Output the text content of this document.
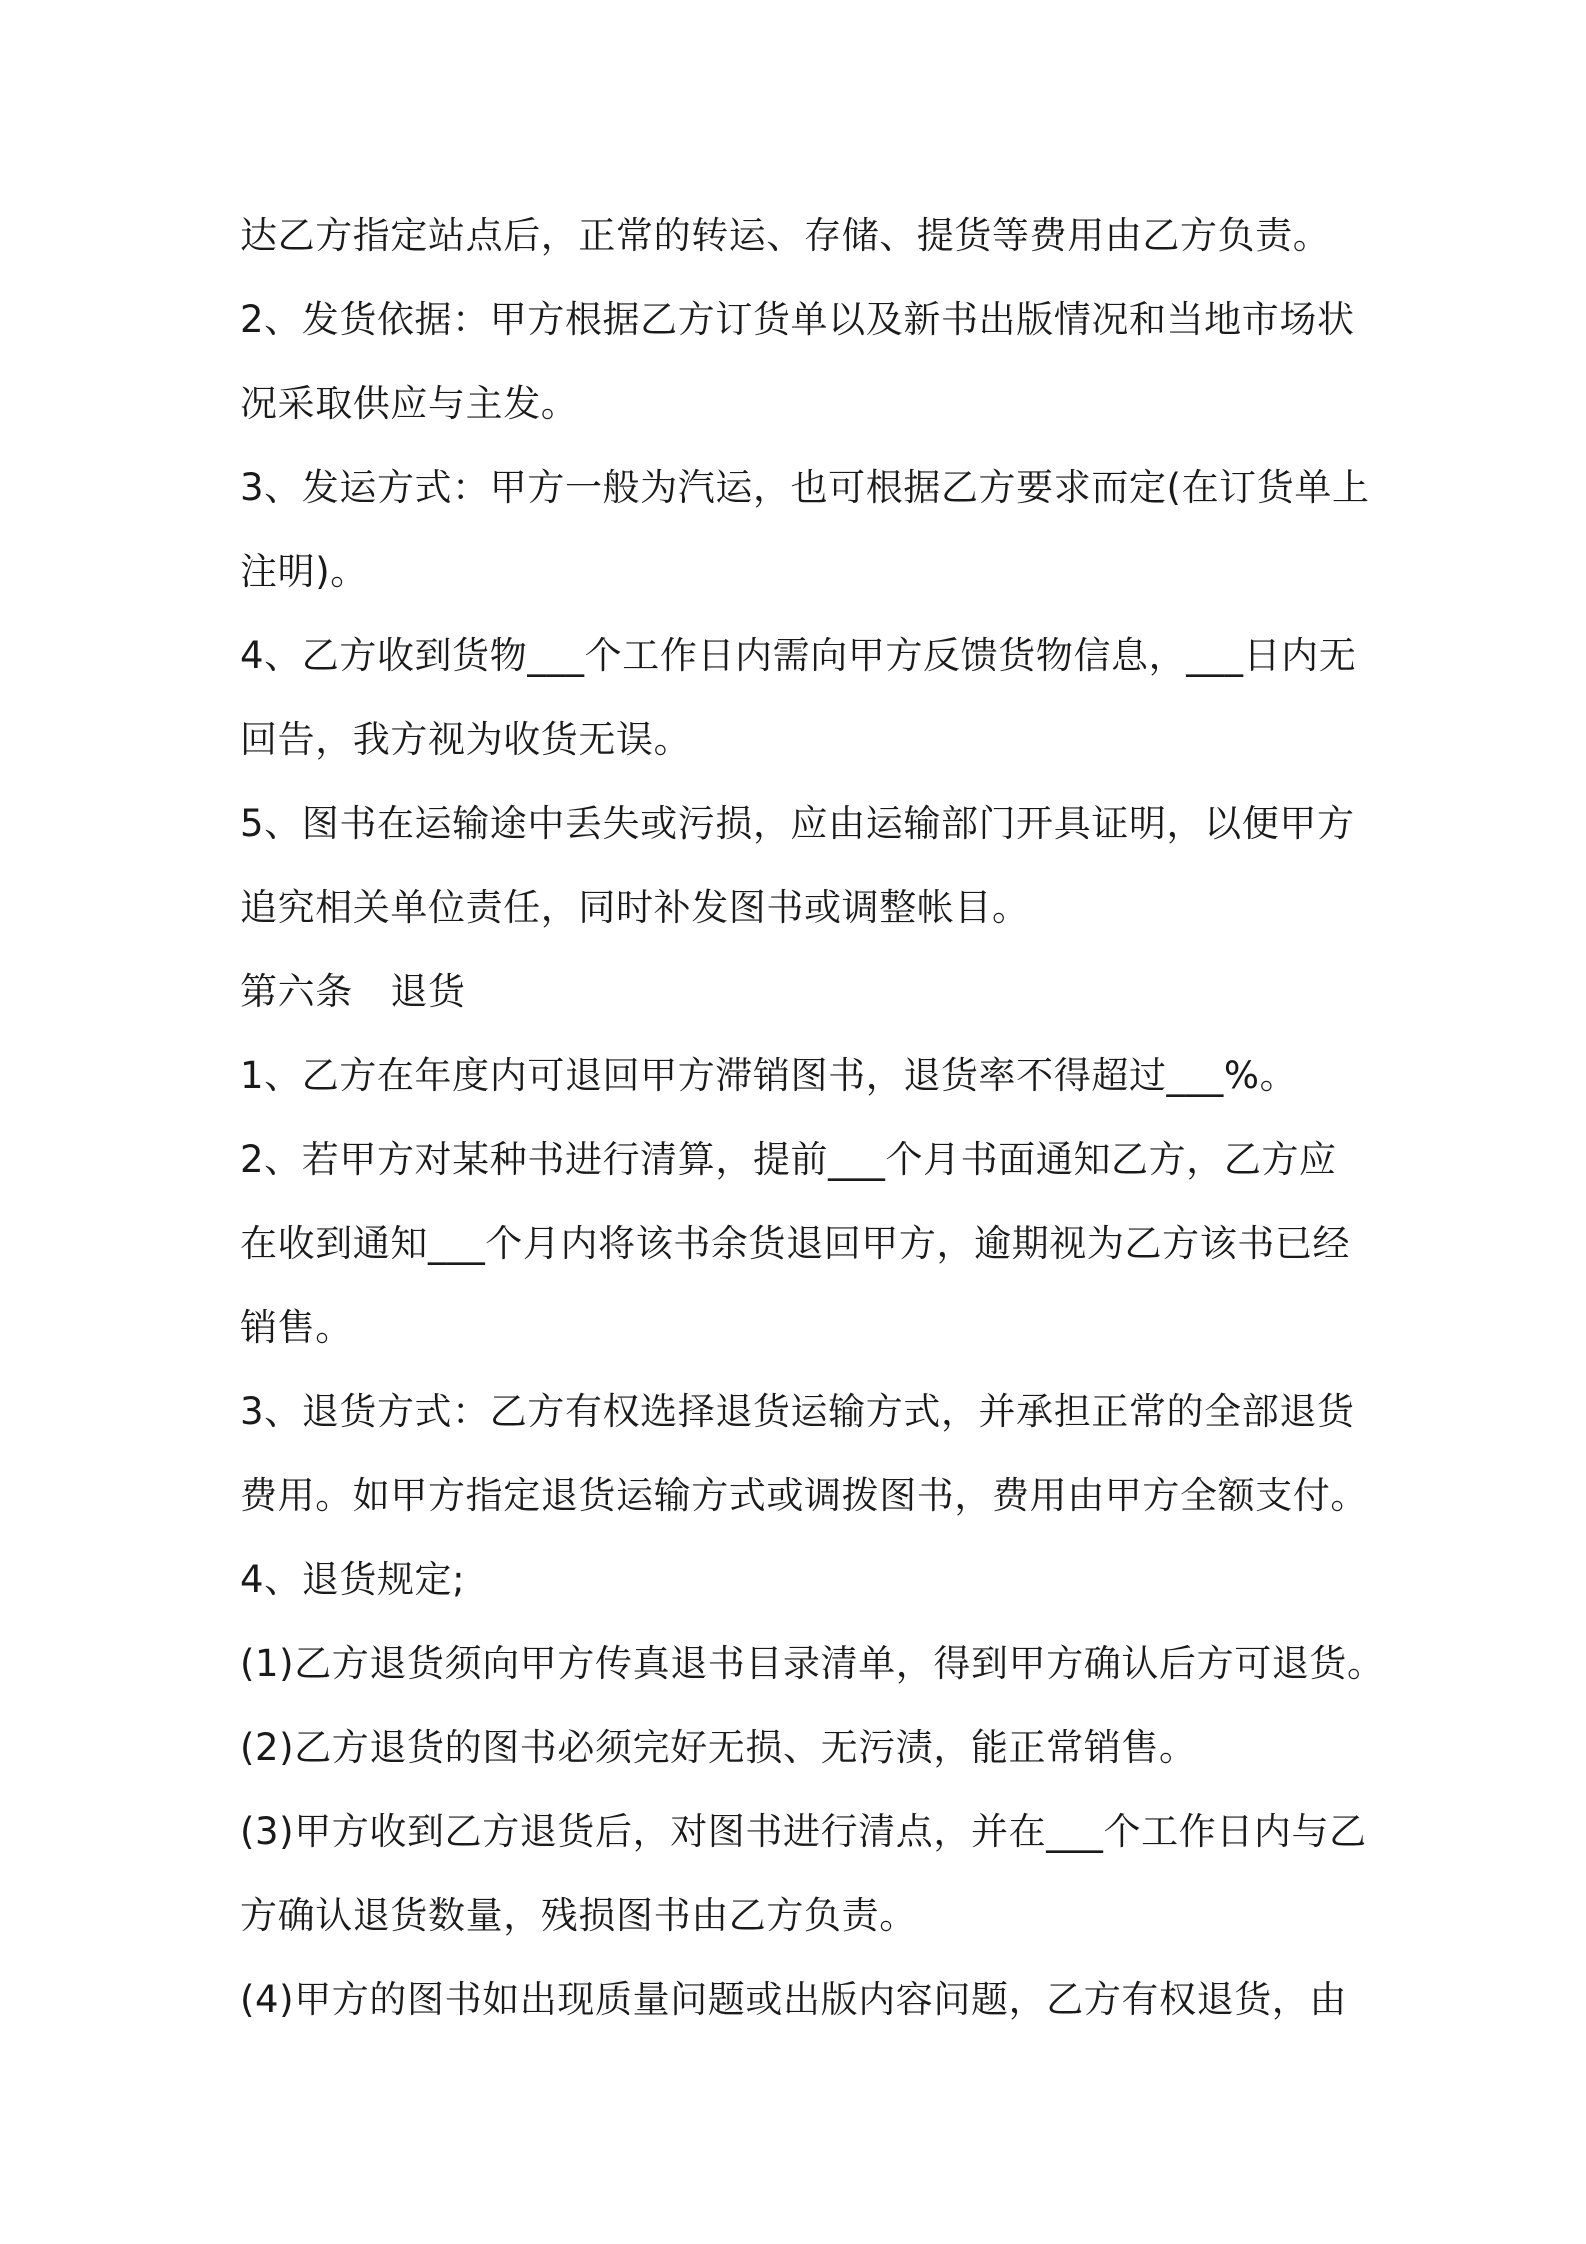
达乙方指定站点后，正常的转运、存储、提货等费用由乙方负责。

2、发货依据：甲方根据乙方订货单以及新书出版情况和当地市场状

况采取供应与主发。

3、发运方式：甲方一般为汽运，也可根据乙方要求而定(在订货单上

注明)。

4、乙方收到货物___个工作日内需向甲方反馈货物信息，___日内无

回告，我方视为收货无误。

5、图书在运输途中丢失或污损，应由运输部门开具证明，以便甲方

追究相关单位责任，同时补发图书或调整帐目。

第六条　退货

1、乙方在年度内可退回甲方滞销图书，退货率不得超过___%。

2、若甲方对某种书进行清算，提前___个月书面通知乙方，乙方应

在收到通知___个月内将该书余货退回甲方，逾期视为乙方该书已经

销售。

3、退货方式：乙方有权选择退货运输方式，并承担正常的全部退货

费用。如甲方指定退货运输方式或调拨图书，费用由甲方全额支付。

4、退货规定;

(1)乙方退货须向甲方传真退书目录清单，得到甲方确认后方可退货。

(2)乙方退货的图书必须完好无损、无污渍，能正常销售。

(3)甲方收到乙方退货后，对图书进行清点，并在___个工作日内与乙

方确认退货数量，残损图书由乙方负责。

(4)甲方的图书如出现质量问题或出版内容问题，乙方有权退货，由
